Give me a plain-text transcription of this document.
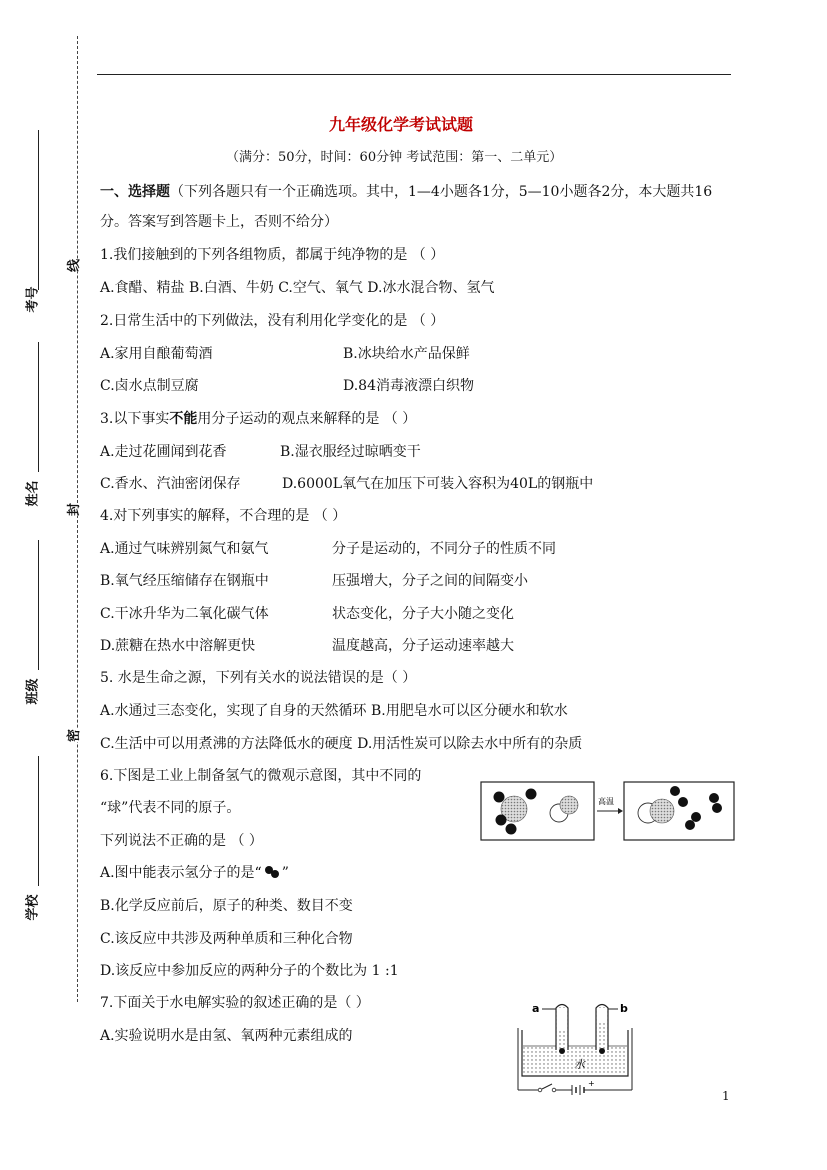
考号
姓名
班级
学校
线
封
密
九年级化学考试试题
（满分：50分，时间：60分钟 考试范围：第一、二单元）
一、选择题（下列各题只有一个正确选项。其中，1—4小题各1分，5—10小题各2分，本大题共16
分。答案写到答题卡上，否则不给分）
1.我们接触到的下列各组物质，都属于纯净物的是 （ ）
A.食醋、精盐 B.白酒、牛奶 C.空气、氧气 D.冰水混合物、氢气
2.日常生活中的下列做法，没有利用化学变化的是 （ ）
A.家用自酿葡萄酒	B.冰块给水产品保鲜
C.卤水点制豆腐	D.84消毒液漂白织物
3.以下事实不能用分子运动的观点来解释的是 （ ）
A.走过花圃闻到花香	B.湿衣服经过晾晒变干
C.香水、汽油密闭保存	D.6000L氧气在加压下可装入容积为40L的钢瓶中
4.对下列事实的解释，不合理的是 （ ）
A.通过气味辨别氮气和氨气	分子是运动的，不同分子的性质不同
B.氧气经压缩储存在钢瓶中	压强增大，分子之间的间隔变小
C.干冰升华为二氧化碳气体	状态变化，分子大小随之变化
D.蔗糖在热水中溶解更快	温度越高，分子运动速率越大
5. 水是生命之源，下列有关水的说法错误的是（ ）
A.水通过三态变化，实现了自身的天然循环 B.用肥皂水可以区分硬水和软水
C.生活中可以用煮沸的方法降低水的硬度 D.用活性炭可以除去水中所有的杂质
6.下图是工业上制备氢气的微观示意图，其中不同的
“球”代表不同的原子。
下列说法不正确的是 （ ）
A.图中能表示氢分子的是“ ”
B.化学反应前后，原子的种类、数目不变
C.该反应中共涉及两种单质和三种化合物
D.该反应中参加反应的两种分子的个数比为 1 :1
高温
7.下面关于水电解实验的叙述正确的是（ ）
A.实验说明水是由氢、氧两种元素组成的
a	b
水
+
1
